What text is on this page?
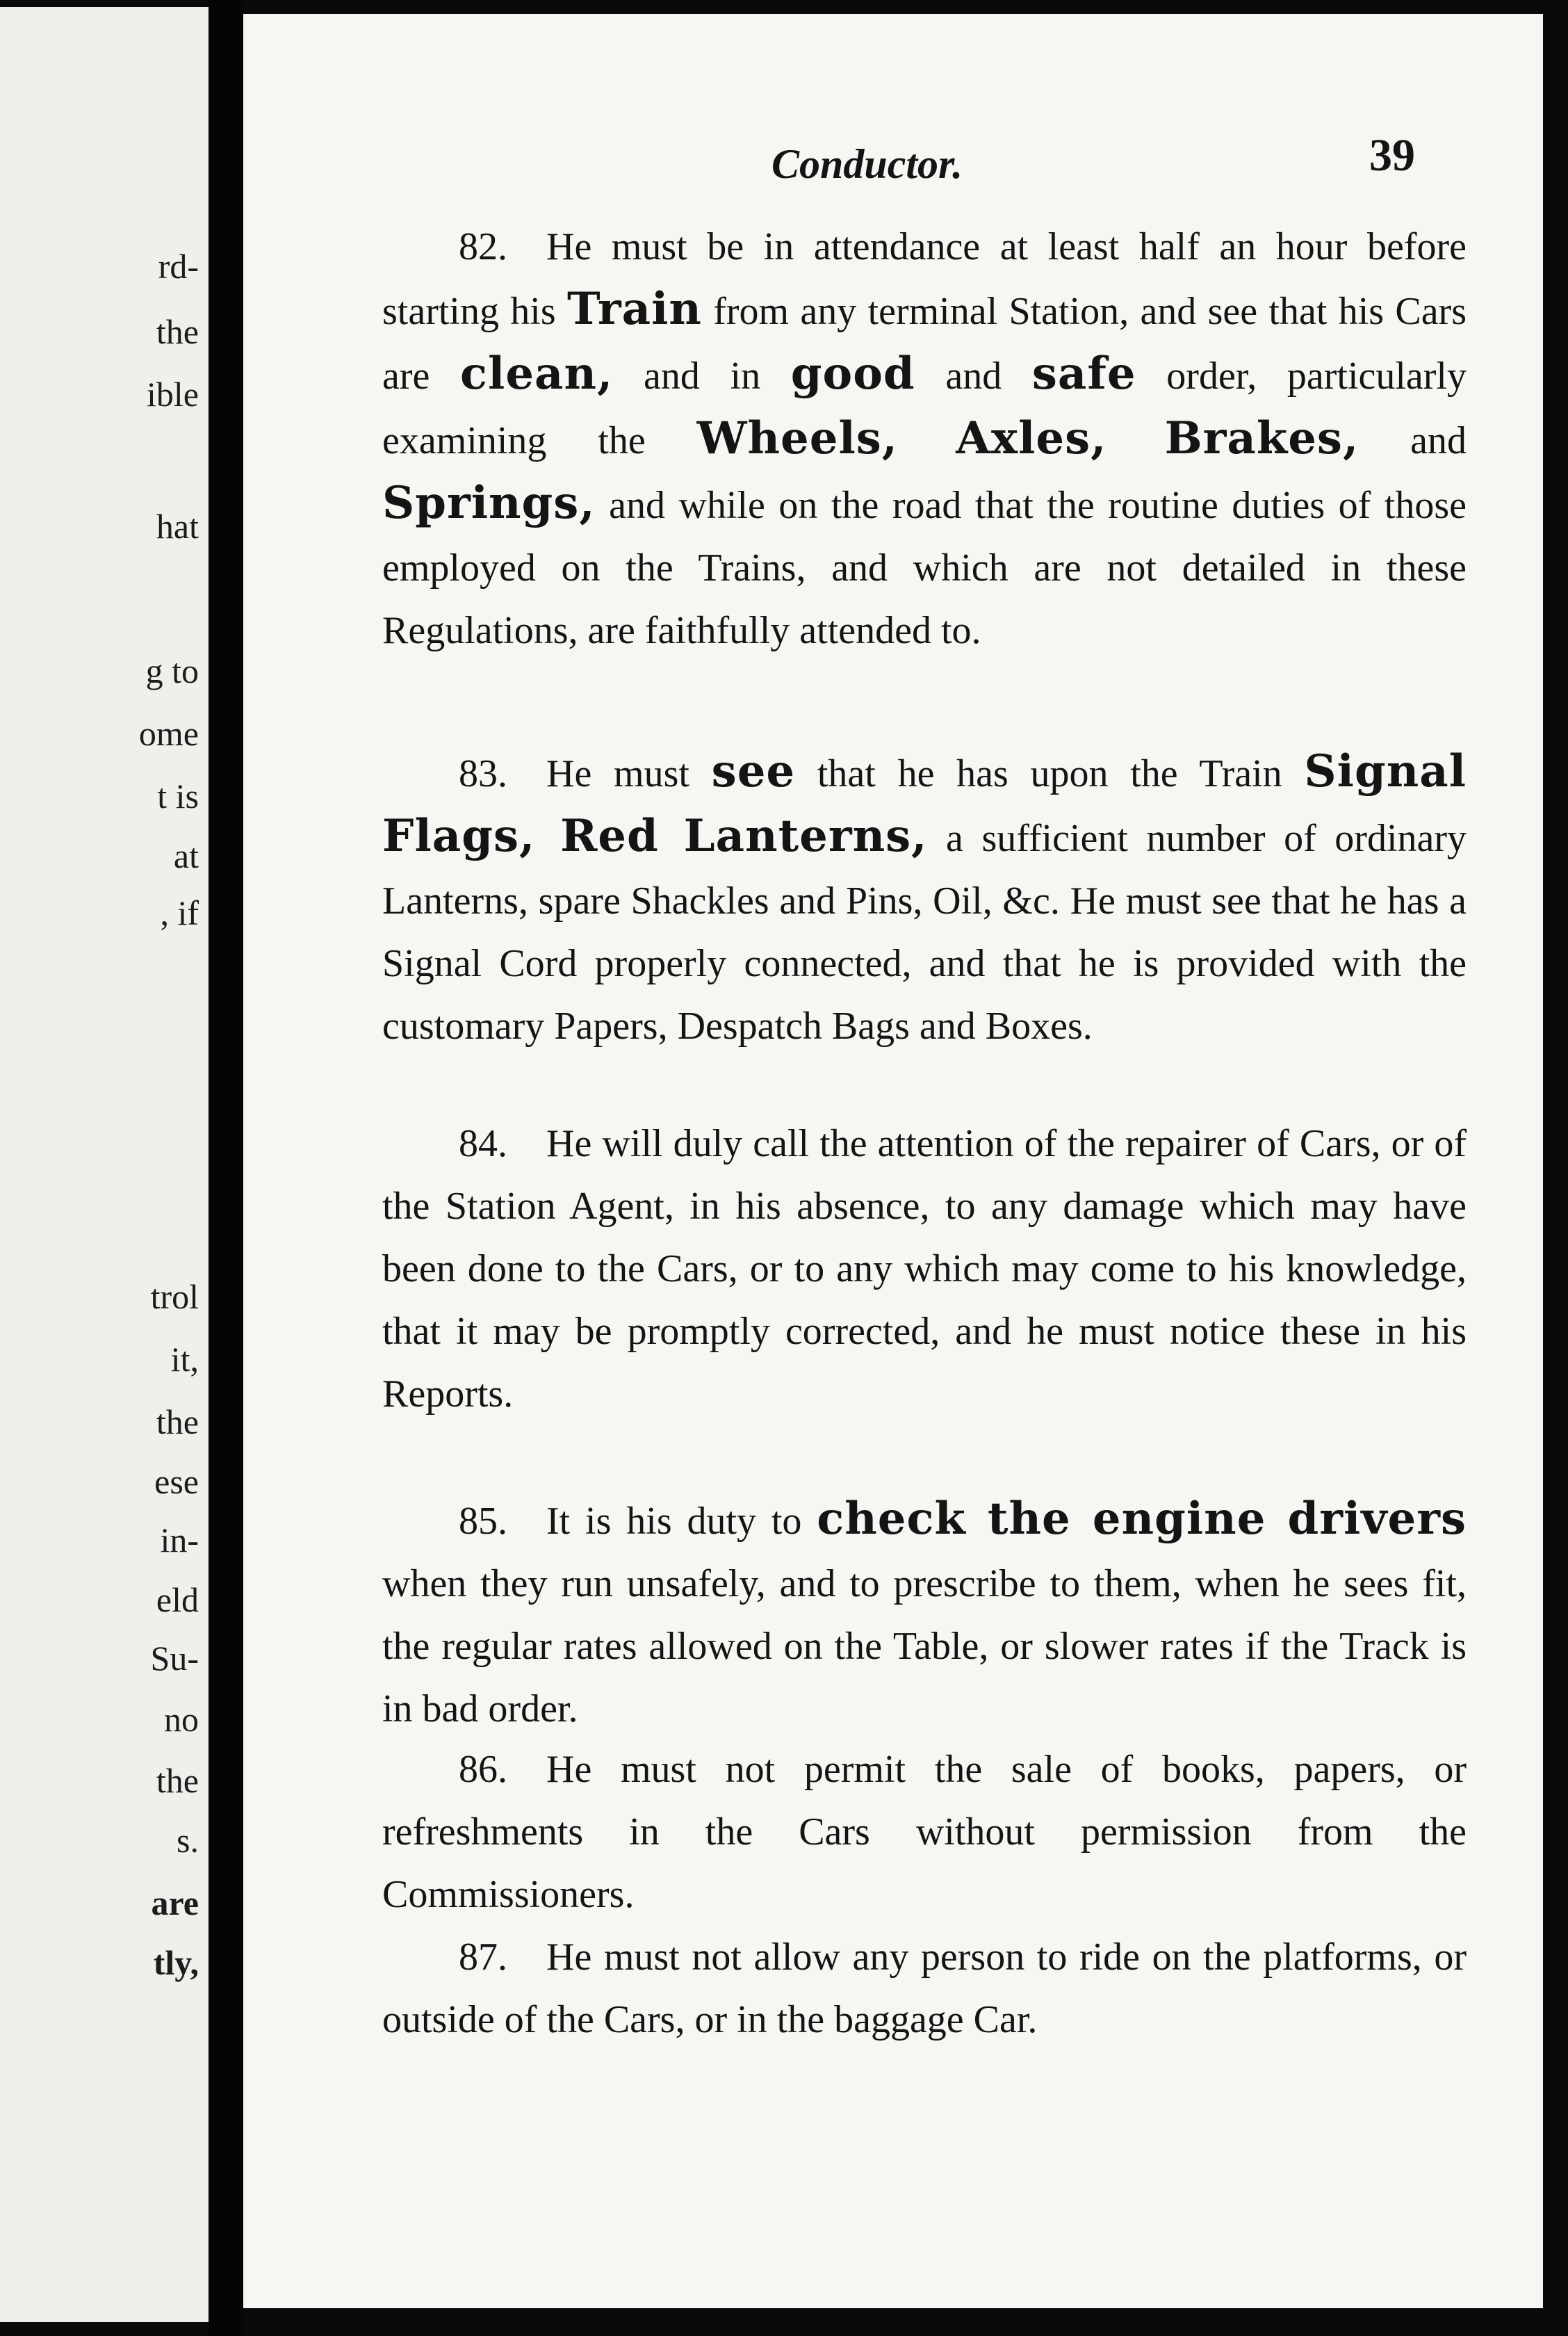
rd-
the
ible
hat
g to
ome
t is
at
, if
trol
it,
the
ese
in-
eld
Su-
no
the
s.
are
tly,
Conductor.	39

82.  He must be in attendance at least half an hour before starting his Train from any terminal Station, and see that his Cars are clean, and in good and safe order, particularly examining the Wheels, Axles, Brakes, and Springs, and while on the road that the routine duties of those employed on the Trains, and which are not detailed in these Regulations, are faithfully attended to.

83.  He must see that he has upon the Train Signal Flags, Red Lanterns, a sufficient number of ordinary Lanterns, spare Shackles and Pins, Oil, &c. He must see that he has a Signal Cord properly connected, and that he is provided with the customary Papers, Despatch Bags and Boxes.

84.  He will duly call the attention of the repairer of Cars, or of the Station Agent, in his absence, to any damage which may have been done to the Cars, or to any which may come to his knowledge, that it may be promptly corrected, and he must notice these in his Reports.

85.  It is his duty to check the engine drivers when they run unsafely, and to prescribe to them, when he sees fit, the regular rates allowed on the Table, or slower rates if the Track is in bad order.

86.  He must not permit the sale of books, papers, or refreshments in the Cars without permission from the Commissioners.

87.  He must not allow any person to ride on the platforms, or outside of the Cars, or in the baggage Car.
